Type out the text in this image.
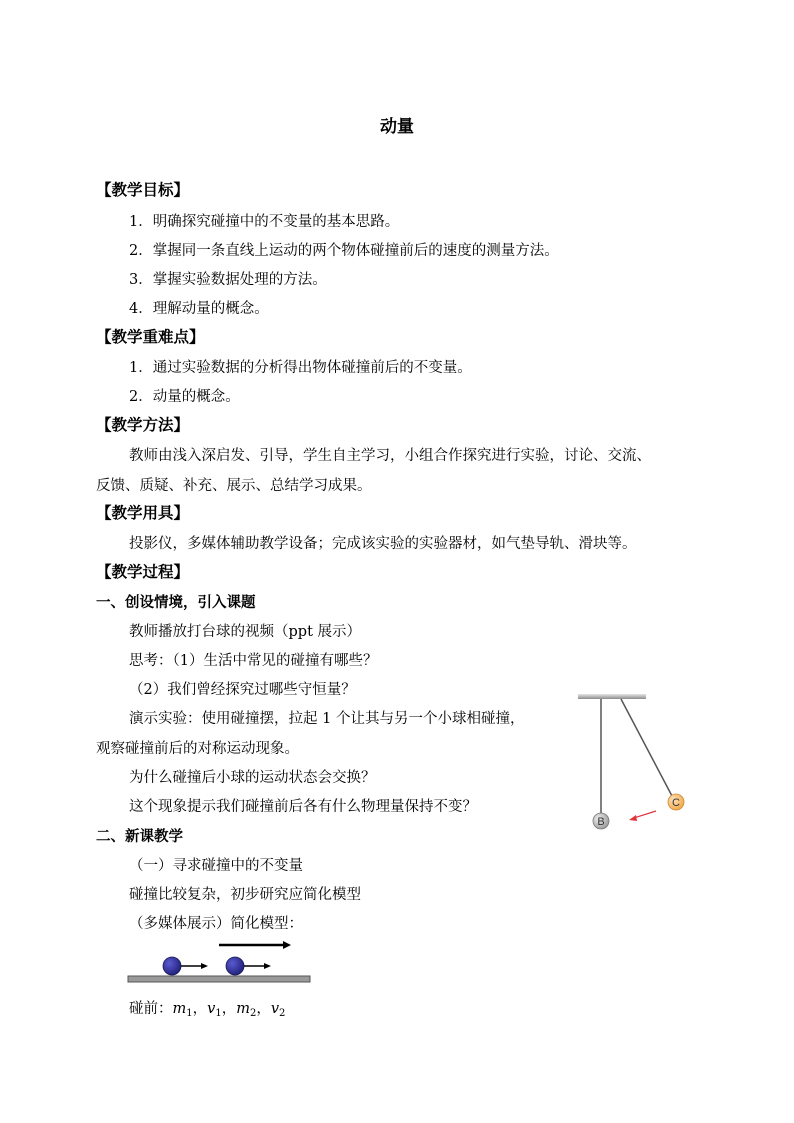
动量
【教学目标】
1．明确探究碰撞中的不变量的基本思路。
2．掌握同一条直线上运动的两个物体碰撞前后的速度的测量方法。
3．掌握实验数据处理的方法。
4．理解动量的概念。
【教学重难点】
1．通过实验数据的分析得出物体碰撞前后的不变量。
2．动量的概念。
【教学方法】
教师由浅入深启发、引导，学生自主学习，小组合作探究进行实验，讨论、交流、
反馈、质疑、补充、展示、总结学习成果。
【教学用具】
投影仪，多媒体辅助教学设备；完成该实验的实验器材，如气垫导轨、滑块等。
【教学过程】
一、创设情境，引入课题
教师播放打台球的视频（ppt 展示）
思考：（1）生活中常见的碰撞有哪些？
（2）我们曾经探究过哪些守恒量？
演示实验：使用碰撞摆，拉起 1 个让其与另一个小球相碰撞，
观察碰撞前后的对称运动现象。
为什么碰撞后小球的运动状态会交换？
这个现象提示我们碰撞前后各有什么物理量保持不变？
二、新课教学
（一）寻求碰撞中的不变量
碰撞比较复杂，初步研究应简化模型
（多媒体展示）简化模型：
碰前：$m_1$，$v_1$，$m_2$，$v_2$
B
C
